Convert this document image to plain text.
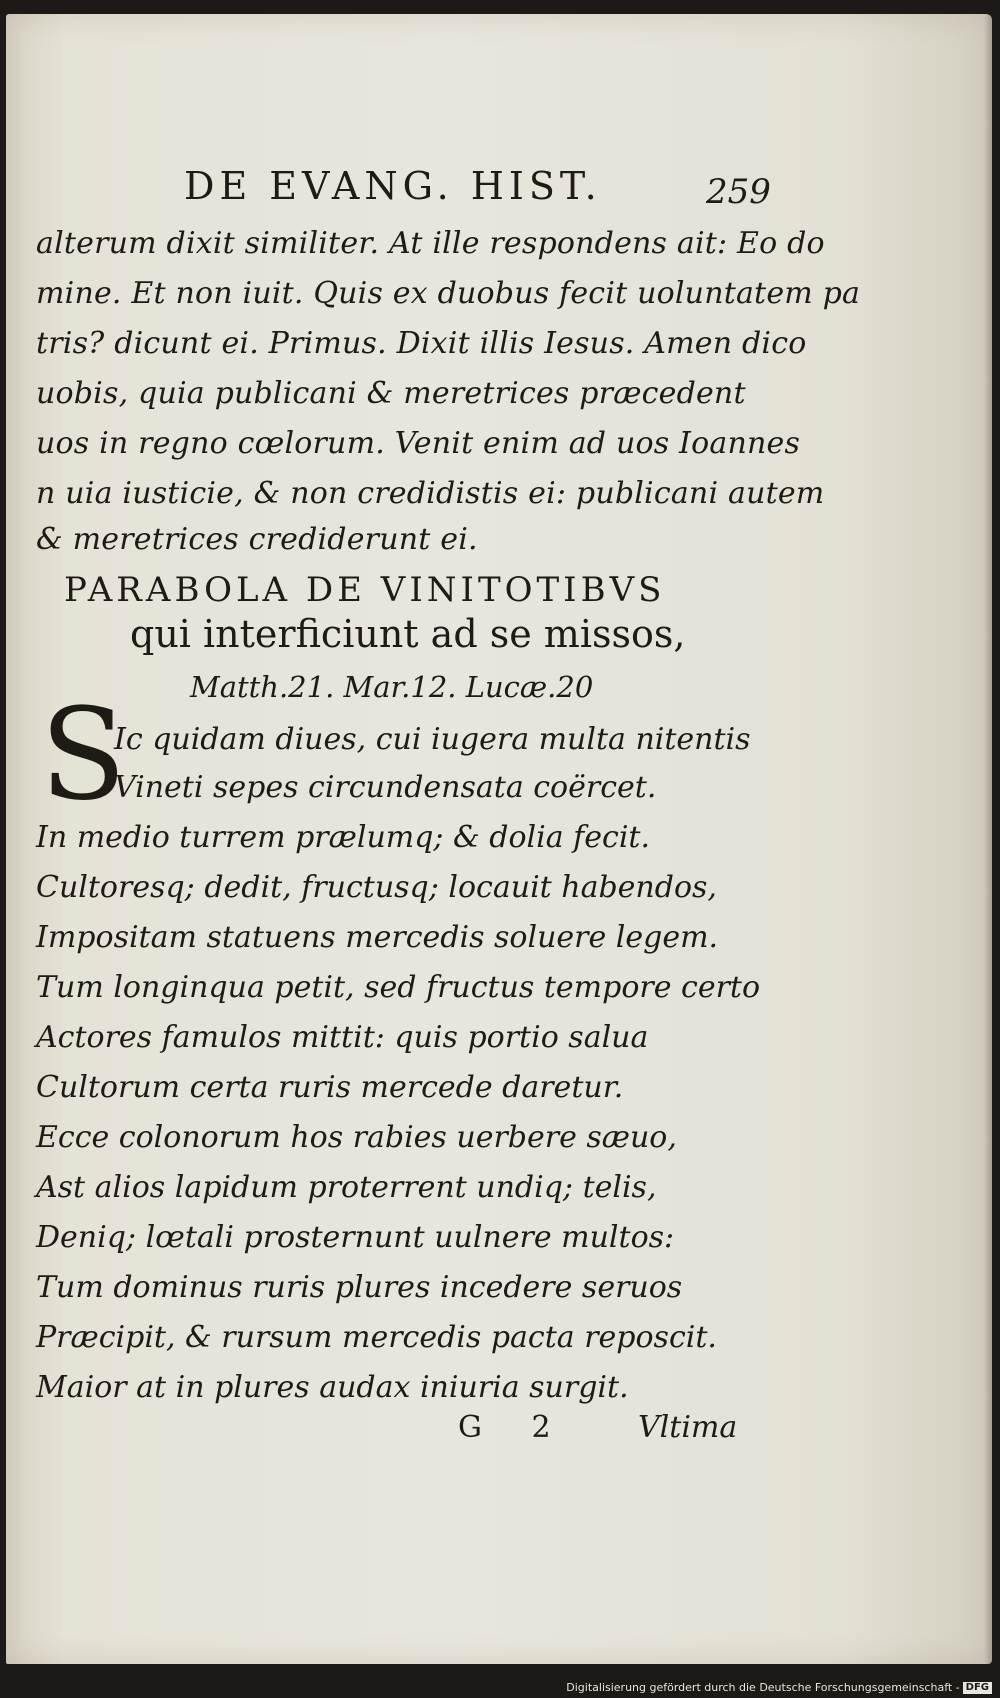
DE EVANG. HIST.	259
alterum dixit similiter. At ille respondens ait: Eo do
mine. Et non iuit. Quis ex duobus fecit uoluntatem pa
tris? dicunt ei. Primus. Dixit illis Iesus. Amen dico
uobis, quia publicani & meretrices præcedent
uos in regno cœlorum. Venit enim ad uos Ioannes
n uia iusticie, & non credidistis ei: publicani autem
& meretrices crediderunt ei.
PARABOLA DE VINITOTIBVS
qui interficiunt ad se missos,
Matth.21. Mar.12. Lucæ.20
S
Ic quidam diues, cui iugera multa nitentis
Vineti sepes circundensata coërcet.
In medio turrem prælumq; & dolia fecit.
Cultoresq; dedit, fructusq; locauit habendos,
Impositam statuens mercedis soluere legem.
Tum longinqua petit, sed fructus tempore certo
Actores famulos mittit: quis portio salua
Cultorum certa ruris mercede daretur.
Ecce colonorum hos rabies uerbere sæuo,
Ast alios lapidum proterrent undiq; telis,
Deniq; lœtali prosternunt uulnere multos:
Tum dominus ruris plures incedere seruos
Præcipit, & rursum mercedis pacta reposcit.
Maior at in plures audax iniuria surgit.
G 2 Vltima
Digitalisierung gefördert durch die Deutsche Forschungsgemeinschaft - DFG
